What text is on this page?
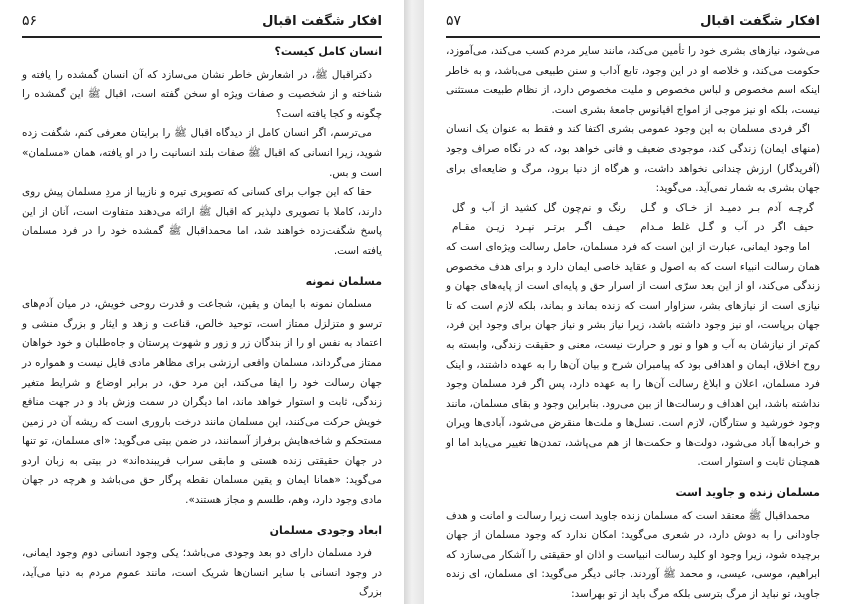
افکار شگفت اقبال
۵۶
انسان کامل کیست؟

دکتراقبال ﷺ، در اشعارش خاطر نشان می‌سازد که آن انسان گمشده را یافته و شناخته و از شخصیت و صفات ویژه او سخن گفته است، اقبال ﷺ این گمشده را چگونه و کجا یافته است؟

می‌ترسم، اگر انسان کامل از دیدگاه اقبال ﷺ را برایتان معرفی کنم، شگفت زده شوید، زیرا انسانی که اقبال ﷺ صفات بلند انسانیت را در او یافته، همان «مسلمان» است و بس.

حقا که این جواب برای کسانی که تصویری تیره و نازیبا از مردِ مسلمان پیش روی دارند، کاملا با تصویری دلپذیر که اقبال ﷺ ارائه می‌دهند متفاوت است، آنان از این پاسخ شگفت‌زده خواهند شد، اما محمداقبال ﷺ گمشده خود را در فرد مسلمان یافته است.

مسلمان نمونه

مسلمان نمونه با ایمان و یقین، شجاعت و قدرت روحی خویش، در میان آدم‌های ترسو و متزلزل ممتاز است، توحید خالص، قناعت و زهد و ایثار و بزرگ منشی و اعتماد به نفس او را از بندگان زر و زور و شهوت پرستان و جاه‌طلبان و خود خواهان ممتاز می‌گرداند، مسلمان واقعی ارزشی برای مظاهر مادی قایل نیست و همواره در جهان رسالت خود را ایفا می‌کند، این مرد حق، در برابر اوضاع و شرایط متغیر زندگی، ثابت و استوار خواهد ماند، اما دیگران در سمت وزش باد و در جهت منافع خویش حرکت می‌کنند، این مسلمان مانند درخت باروری است که ریشه آن در زمین مستحکم و شاخه‌هایش برفراز آسمانند، در ضمن بیتی می‌گوید: «ای مسلمان، تو تنها در جهان حقیقتی زنده هستی و مابقی سراب فریبنده‌اند» در بیتی به زبان اردو می‌گوید: «همانا ایمان و یقین مسلمان نقطه پرگار حق می‌باشد و هرچه در جهان مادی وجود دارد، وهم، طلسم و مجاز هستند».

ابعاد وجودی مسلمان

فرد مسلمان دارای دو بعد وجودی می‌باشد؛ یکی وجود انسانی دوم وجود ایمانی، در وجود انسانی با سایر انسان‌ها شریک است، مانند عموم مردم به دنیا می‌آید، بزرگ

افکار شگفت اقبال
۵۷

می‌شود، نیازهای بشری خود را تأمین می‌کند، مانند سایر مردم کسب می‌کند، می‌آموزد، حکومت می‌کند، و خلاصه او در این وجود، تابع آداب و سنن طبیعی می‌باشد، و به خاطر اینکه اسم مخصوص و لباس مخصوص و ملیت مخصوص دارد، از نظام طبیعت مستثنی نیست، بلکه او نیز موجی از امواج اقیانوس جامعۀ بشری است.

اگر فردی مسلمان به این وجود عمومی بشری اکتفا کند و فقط به عنوان یک انسان (منهای ایمان) زندگی کند، موجودی ضعیف و فانی خواهد بود، که در نگاه صراف وجود (آفریدگار) ارزش چندانی نخواهد داشت، و هرگاه از دنیا برود، مرگ و ضایعه‌ای برای جهان بشری به شمار نمی‌آید. می‌گوید:

گرچـه آدم بـر دمیـد از خـاک و گـل
رنگ و نم‌چون گل کشید از آب و گل
حیف اگر در آب و گـل غلط مـدام
حیـف اگـر برتـر نپـرد زیـن مقـام

اما وجود ایمانی، عبارت از این است که فرد مسلمان، حامل رسالت ویژه‌ای است که همان رسالت انبیاء است که به اصول و عقاید خاصی ایمان دارد و برای هدف مخصوص زندگی می‌کند، او از این بعد سرّی است از اسرار حق و پایه‌ای است از پایه‌های جهان و نیازی است از نیازهای بشر، سزاوار است که زنده بماند و بماند، بلکه لازم است که تا جهان برپاست، او نیز وجود داشته باشد، زیرا نیاز بشر و نیاز جهان برای وجود این فرد، کم‌تر از نیازشان به آب و هوا و نور و حرارت نیست، معنی و حقیقت زندگی، وابسته به روح اخلاق، ایمان و اهدافی بود که پیامبران شرح و بیان آن‌ها را به عهده داشتند، و اینک فرد مسلمان، اعلان و ابلاغ رسالت آن‌ها را به عهده دارد، پس اگر فرد مسلمان وجود نداشته باشد، این اهداف و رسالت‌ها از بین می‌رود. بنابراین وجود و بقای مسلمان، مانند وجود خورشید و ستارگان، لازم است. نسل‌ها و ملت‌ها منقرض می‌شود، آبادی‌ها ویران و خرابه‌ها آباد می‌شود، دولت‌ها و حکمت‌ها از هم می‌پاشد، تمدن‌ها تغییر می‌یابد اما او همچنان ثابت و استوار است.

مسلمان زنده و جاوید است

محمداقبال ﷺ معتقد است که مسلمان زنده جاوید است زیرا رسالت و امانت و هدف جاودانی را به دوش دارد، در شعری می‌گوید: امکان ندارد که وجود مسلمان از جهان برچیده شود، زیرا وجود او کلید رسالت انبیاست و اذان او حقیقتی را آشکار می‌سازد که ابراهیم، موسی، عیسی، و محمد ﷺ آوردند. جائی دیگر می‌گوید: ای مسلمان، ای زنده جاوید، تو نباید از مرگ بترسی بلکه مرگ باید از تو بهراسد:
